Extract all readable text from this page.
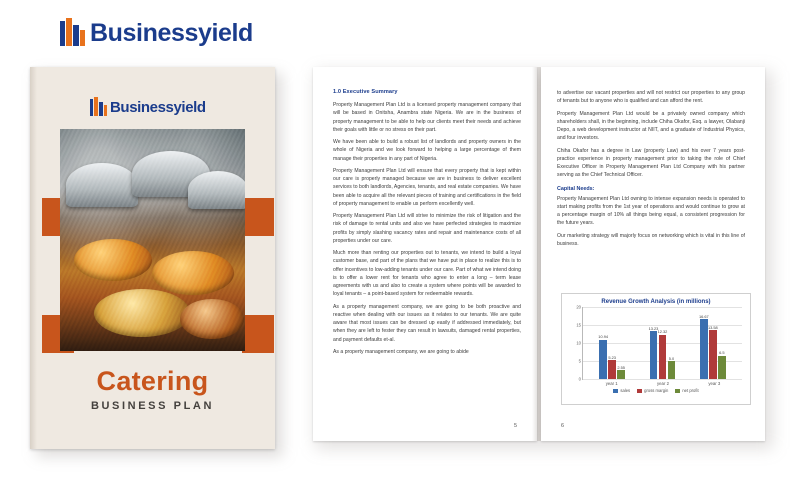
Businessyield
Businessyield
Catering
BUSINESS PLAN
1.0 Executive Summary

Property Management Plan Ltd is a licensed property management company that will be based in Onitsha, Anambra state Nigeria. We are in the business of property management to be able to help our clients meet their needs and achieve their goals with little or no stress on their part.

We have been able to build a robust list of landlords and property owners in the whole of Nigeria and we look forward to helping a large percentage of them manage their properties in any part of Nigeria.

Property Management Plan Ltd will ensure that every property that is kept within our care is properly managed because we are in business to deliver excellent services to both landlords, Agencies, tenants, and real estate companies. We have been able to acquire all the relevant pieces of training and certifications in the field of property management to enable us perform excellently well.

Property Management Plan Ltd will strive to minimize the risk of litigation and the risk of damage to rental units and also we have perfected strategies to maximize profits by simply slashing vacancy rates and repair and maintenance costs of all properties under our care.

Much more than renting our properties out to tenants, we intend to build a loyal customer base, and part of the plans that we have put in place to realize this is to offer incentives to low-adding tenants under our care. Part of what we intend doing is to offer a lower rent for tenants who agree to enter a long – term lease agreements with us and also to create a system where points will be awarded to loyal tenants – a point-based system for redeemable rewards.

As a property management company, we are going to be both proactive and reactive when dealing with our issues as it relates to our tenants. We are quite aware that most issues can be dressed up easily if addressed immediately, but when they are left to fester they can result in lawsuits, damaged rental properties, and payment defaults et-al.

As a property management company, we are going to abide

5

to advertise our vacant properties and will not restrict our properties to any group of tenants but to anyone who is qualified and can afford the rent.

Property Management Plan Ltd would be a privately owned company which shareholders shall, in the beginning, include Chiha Okafor, Esq. a lawyer, Olabanji Depo, a web development instructor at NIIT, and a graduate of Industrial Physics, and four investors.

Chiha Okafor has a degree in Law (property Law) and his over 7 years post-practice experience in property management prior to taking the role of Chief Executive Officer in Property Management Plan Ltd Company with his partner serving as the Chief Technical Officer.

Capital Needs:

Property Management Plan Ltd owning to intense expansion needs is operated to start making profits from the 1st year of operations and would continue to grow at a percentage margin of 10% all things being equal, a consistent progression for the future years.

Our marketing strategy will majorly focus on networking which is vital in this line of business.

Revenue Growth Analysis (in millions)
0
5
10
15
20
10.94
5.23
2.55
13.23
12.32
5.0
16.67
13.58
6.5
year 1	year 2	year 3
sales	gross margin	net profit
6
